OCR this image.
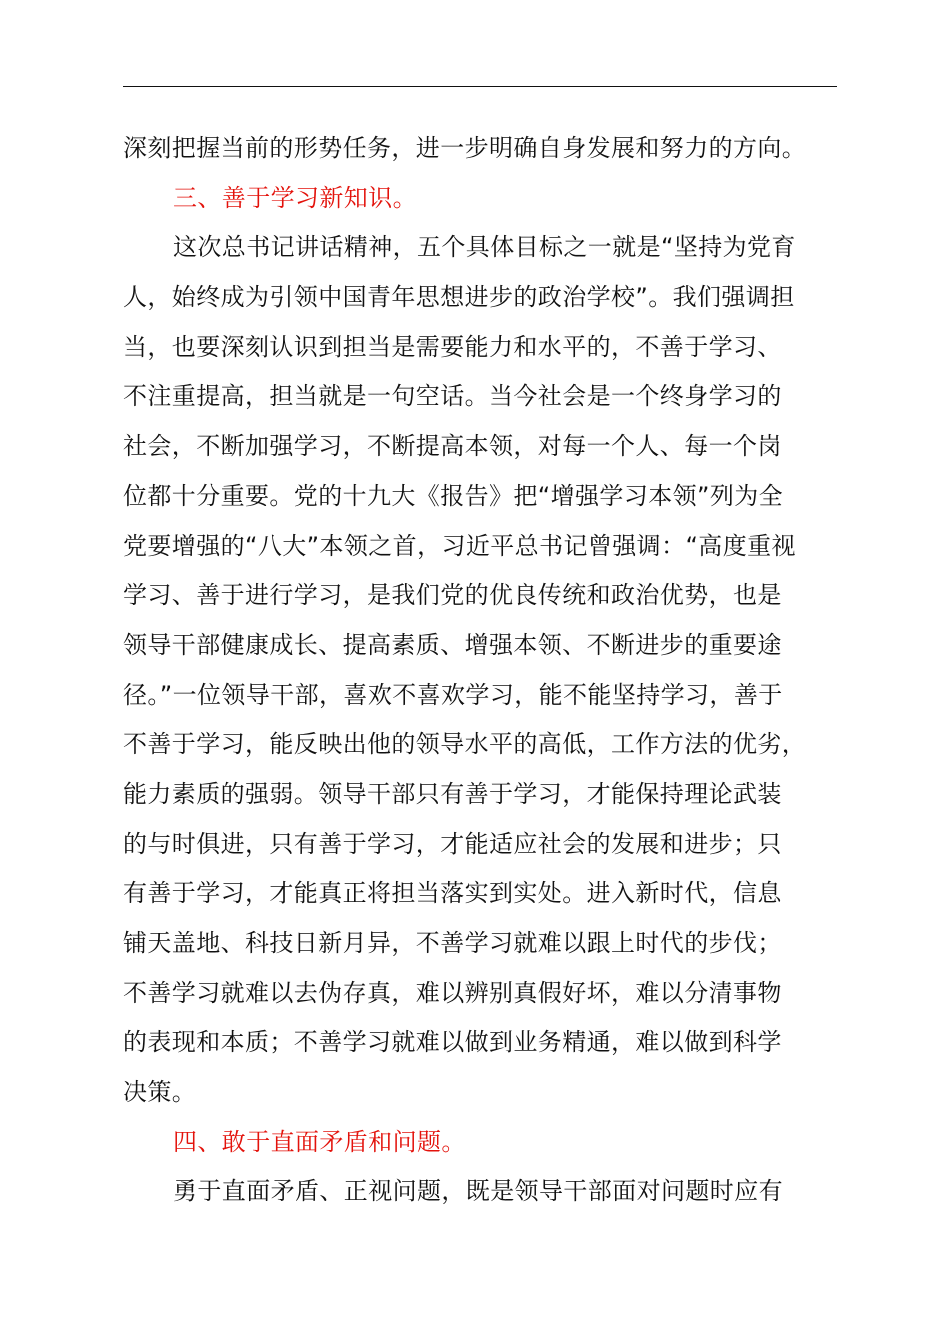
深刻把握当前的形势任务，进一步明确自身发展和努力的方向。
三、善于学习新知识。
这次总书记讲话精神，五个具体目标之一就是“坚持为党育
人，始终成为引领中国青年思想进步的政治学校”。我们强调担
当，也要深刻认识到担当是需要能力和水平的，不善于学习、
不注重提高，担当就是一句空话。当今社会是一个终身学习的
社会，不断加强学习，不断提高本领，对每一个人、每一个岗
位都十分重要。党的十九大《报告》把“增强学习本领”列为全
党要增强的“八大”本领之首，习近平总书记曾强调：“高度重视
学习、善于进行学习，是我们党的优良传统和政治优势，也是
领导干部健康成长、提高素质、增强本领、不断进步的重要途
径。”一位领导干部，喜欢不喜欢学习，能不能坚持学习，善于
不善于学习，能反映出他的领导水平的高低，工作方法的优劣，
能力素质的强弱。领导干部只有善于学习，才能保持理论武装
的与时俱进，只有善于学习，才能适应社会的发展和进步；只
有善于学习，才能真正将担当落实到实处。进入新时代，信息
铺天盖地、科技日新月异，不善学习就难以跟上时代的步伐；
不善学习就难以去伪存真，难以辨别真假好坏，难以分清事物
的表现和本质；不善学习就难以做到业务精通，难以做到科学
决策。
四、敢于直面矛盾和问题。
勇于直面矛盾、正视问题，既是领导干部面对问题时应有
